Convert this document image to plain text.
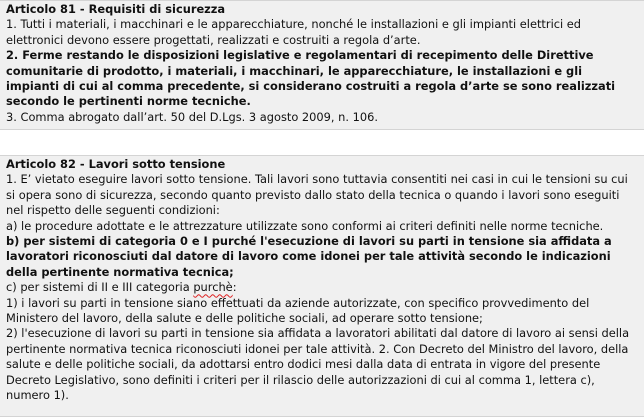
Articolo 81 - Requisiti di sicurezza

1. Tutti i materiali, i macchinari e le apparecchiature, nonché le installazioni e gli impianti elettrici ed elettronici devono essere progettati, realizzati e costruiti a regola d’arte.

2. Ferme restando le disposizioni legislative e regolamentari di recepimento delle Direttive comunitarie di prodotto, i materiali, i macchinari, le apparecchiature, le installazioni e gli impianti di cui al comma precedente, si considerano costruiti a regola d’arte se sono realizzati secondo le pertinenti norme tecniche.

3. Comma abrogato dall’art. 50 del D.Lgs. 3 agosto 2009, n. 106.

Articolo 82 - Lavori sotto tensione

1. E’ vietato eseguire lavori sotto tensione. Tali lavori sono tuttavia consentiti nei casi in cui le tensioni su cui si opera sono di sicurezza, secondo quanto previsto dallo stato della tecnica o quando i lavori sono eseguiti nel rispetto delle seguenti condizioni:

a) le procedure adottate e le attrezzature utilizzate sono conformi ai criteri definiti nelle norme tecniche.

b) per sistemi di categoria 0 e I purché l'esecuzione di lavori su parti in tensione sia affidata a lavoratori riconosciuti dal datore di lavoro come idonei per tale attività secondo le indicazioni della pertinente normativa tecnica;

c) per sistemi di II e III categoria purchè:

1) i lavori su parti in tensione siano effettuati da aziende autorizzate, con specifico provvedimento del Ministero del lavoro, della salute e delle politiche sociali, ad operare sotto tensione;

2) l'esecuzione di lavori su parti in tensione sia affidata a lavoratori abilitati dal datore di lavoro ai sensi della pertinente normativa tecnica riconosciuti idonei per tale attività. 2. Con Decreto del Ministro del lavoro, della salute e delle politiche sociali, da adottarsi entro dodici mesi dalla data di entrata in vigore del presente Decreto Legislativo, sono definiti i criteri per il rilascio delle autorizzazioni di cui al comma 1, lettera c), numero 1).
